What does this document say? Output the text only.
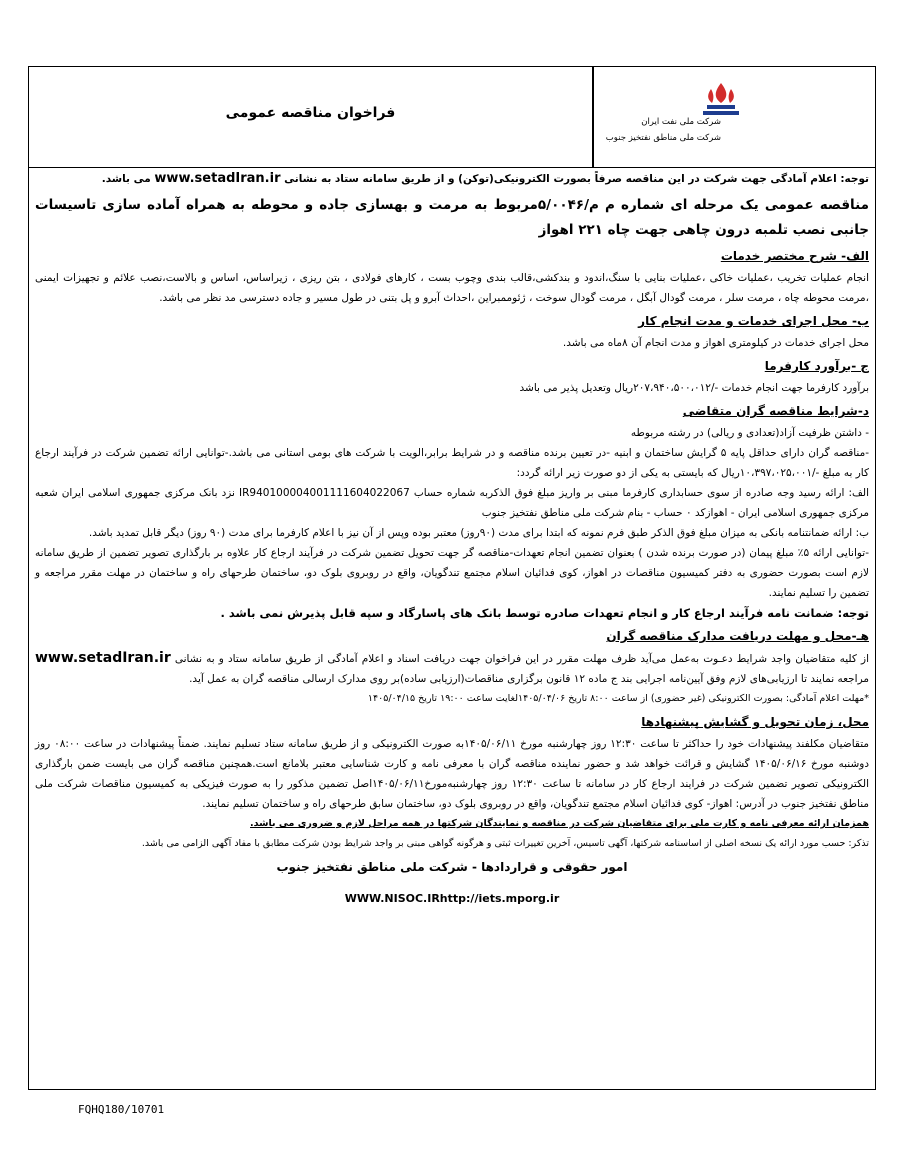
فراخوان مناقصه عمومی
شرکت ملی نفت ایران
شرکت ملی مناطق نفتخیز جنوب

توجه: اعلام آمادگی جهت شرکت در این مناقصه صرفاً بصورت الکترونیکی(توکن) و از طریق سامانه ستاد به نشانی www.setadIran.ir می باشد.

مناقصه عمومی یک مرحله ای شماره م م/۵/۰۰۴۶مربوط به مرمت و بهسازی جاده و محوطه به همراه آماده سازی تاسیسات جانبی نصب تلمبه درون چاهی جهت چاه ۲۲۱ اهواز

الف- شرح مختصر خدمات

انجام عملیات تخریب ،عملیات خاکی ،عملیات بنایی با سنگ،اندود و بندکشی،قالب بندی وچوب بست ، کارهای فولادی ، بتن ریزی ، زیراساس، اساس و بالاست،نصب علائم و تجهیزات ایمنی ،مرمت محوطه چاه ، مرمت سلر ، مرمت گودال آبگل ، مرمت گودال سوخت ، ژئوممبراین ،احداث آبرو و پل بتنی در طول مسیر و جاده دسترسی مد نظر می باشد.

ب- محل اجرای خدمات و مدت انجام کار

محل اجرای خدمات در کیلومتری اهواز و مدت انجام آن ۸ماه می باشد.

ج -برآورد کارفرما

برآورد کارفرما جهت انجام خدمات -/۲۰۷،۹۴۰،۵۰۰،۰۱۲ریال وتعدیل پذیر می باشد

د-شرایط مناقصه گران متقاضی

- داشتن ظرفیت آزاد(تعدادی و ریالی) در رشته مربوطه

-مناقصه گران دارای حداقل پایه ۵ گرایش ساختمان و ابنیه -در تعیین برنده مناقصه و در شرایط برابر،الویت با شرکت های بومی استانی می باشد.-توانایی ارائه تضمین شرکت در فرآیند ارجاع کار به مبلغ -/۱۰،۳۹۷،۰۲۵،۰۰۱ریال که بایستی به یکی از دو صورت زیر ارائه گردد:

الف: ارائه رسید وجه صادره از سوی حسابداری کارفرما مبنی بر واریز مبلغ فوق الذکربه شماره حساب IR940100004001111604022067 نزد بانک مرکزی جمهوری اسلامی ایران شعبه مرکزی جمهوری اسلامی ایران - اهوازکد ۰ حساب - بنام شرکت ملی مناطق نفتخیز جنوب

ب: ارائه ضمانتنامه بانکی به میزان مبلغ فوق الذکر طبق فرم نمونه که ابتدا برای مدت (۹۰روز) معتبر بوده وپس از آن نیز با اعلام کارفرما برای مدت (۹۰ روز) دیگر قابل تمدید باشد.

-توانایی ارائه ۵٪ مبلغ پیمان (در صورت برنده شدن ) بعنوان تضمین انجام تعهدات-مناقصه گر جهت تحویل تضمین شرکت در فرآیند ارجاع کار علاوه بر بارگذاری تصویر تضمین از طریق سامانه لازم است بصورت حضوری به دفتر کمیسیون مناقصات در اهواز، کوی فدائیان اسلام مجتمع تندگویان، واقع در روبروی بلوک دو، ساختمان طرحهای راه و ساختمان در مهلت مقرر مراجعه و تضمین را تسلیم نمایند.

توجه: ضمانت نامه فرآیند ارجاع کار و انجام تعهدات صادره توسط بانک های پاسارگاد و سپه قابل پذیرش نمی باشد .

هـ-محل و مهلت دریافت مدارک مناقصه گران

از کلیه متقاضیان واجد شرایط دعـوت به‌عمل می‌آید ظرف مهلت مقرر در این فراخوان جهت دریافت اسناد و اعلام آمادگی از طریق سامانه ستاد و به نشانی www.setadIran.ir مراجعه نمایند تا ارزیابی‌های لازم وفق آیین‌نامه اجرایی بند ج ماده ۱۲ قانون برگزاری مناقصات(ارزیابی ساده)بر روی مدارک ارسالی مناقصه گران به عمل آید.

*مهلت اعلام آمادگی: بصورت الکترونیکی (غیر حضوری) از ساعت ۸:۰۰ تاریخ ۱۴۰۵/۰۴/۰۶لغایت ساعت ۱۹:۰۰ تاریخ ۱۴۰۵/۰۴/۱۵

محل، زمان تحویل و گشایش پیشنهادها

متقاضیان مکلفند پیشنهادات خود را حداکثر تا ساعت ۱۲:۳۰ روز چهارشنبه مورخ ۱۴۰۵/۰۶/۱۱به صورت الکترونیکی و از طریق سامانه ستاد تسلیم نمایند. ضمناً پیشنهادات در ساعت ۰۸:۰۰ روز دوشنبه مورخ ۱۴۰۵/۰۶/۱۶ گشایش و قرائت خواهد شد و حضور نماینده مناقصه گران با معرفی نامه و کارت شناسایی معتبر بلامانع است.همچنین مناقصه گران می بایست ضمن بارگذاری الکترونیکی تصویر تضمین شرکت در فرایند ارجاع کار در سامانه تا ساعت ۱۲:۳۰ روز چهارشنبه‌مورخ۱۴۰۵/۰۶/۱۱اصل تضمین مذکور را به صورت فیزیکی به کمیسیون مناقصات شرکت ملی مناطق نفتخیز جنوب در آدرس: اهواز- کوی فدائیان اسلام مجتمع تندگویان، واقع در روبروی بلوک دو، ساختمان سابق طرحهای راه و ساختمان تسلیم نمایند.

همزمان ارائه معرفی نامه و کارت ملی برای متقاضیان شرکت در مناقصه و نمایندگان شرکتها در همه مراحل لازم و ضروری می باشد.

تذکر: حسب مورد ارائه یک نسخه اصلی از اساسنامه شرکتها، آگهی تاسیس، آخرین تغییرات ثبتی و هرگونه گواهی مبنی بر واجد شرایط بودن شرکت مطابق با مفاد آگهی الزامی می باشد.

امور حقوقی و قراردادها - شرکت ملی مناطق نفتخیز جنوب

WWW.NISOC.IRhttp://iets.mporg.ir

FQHQ180/10701
